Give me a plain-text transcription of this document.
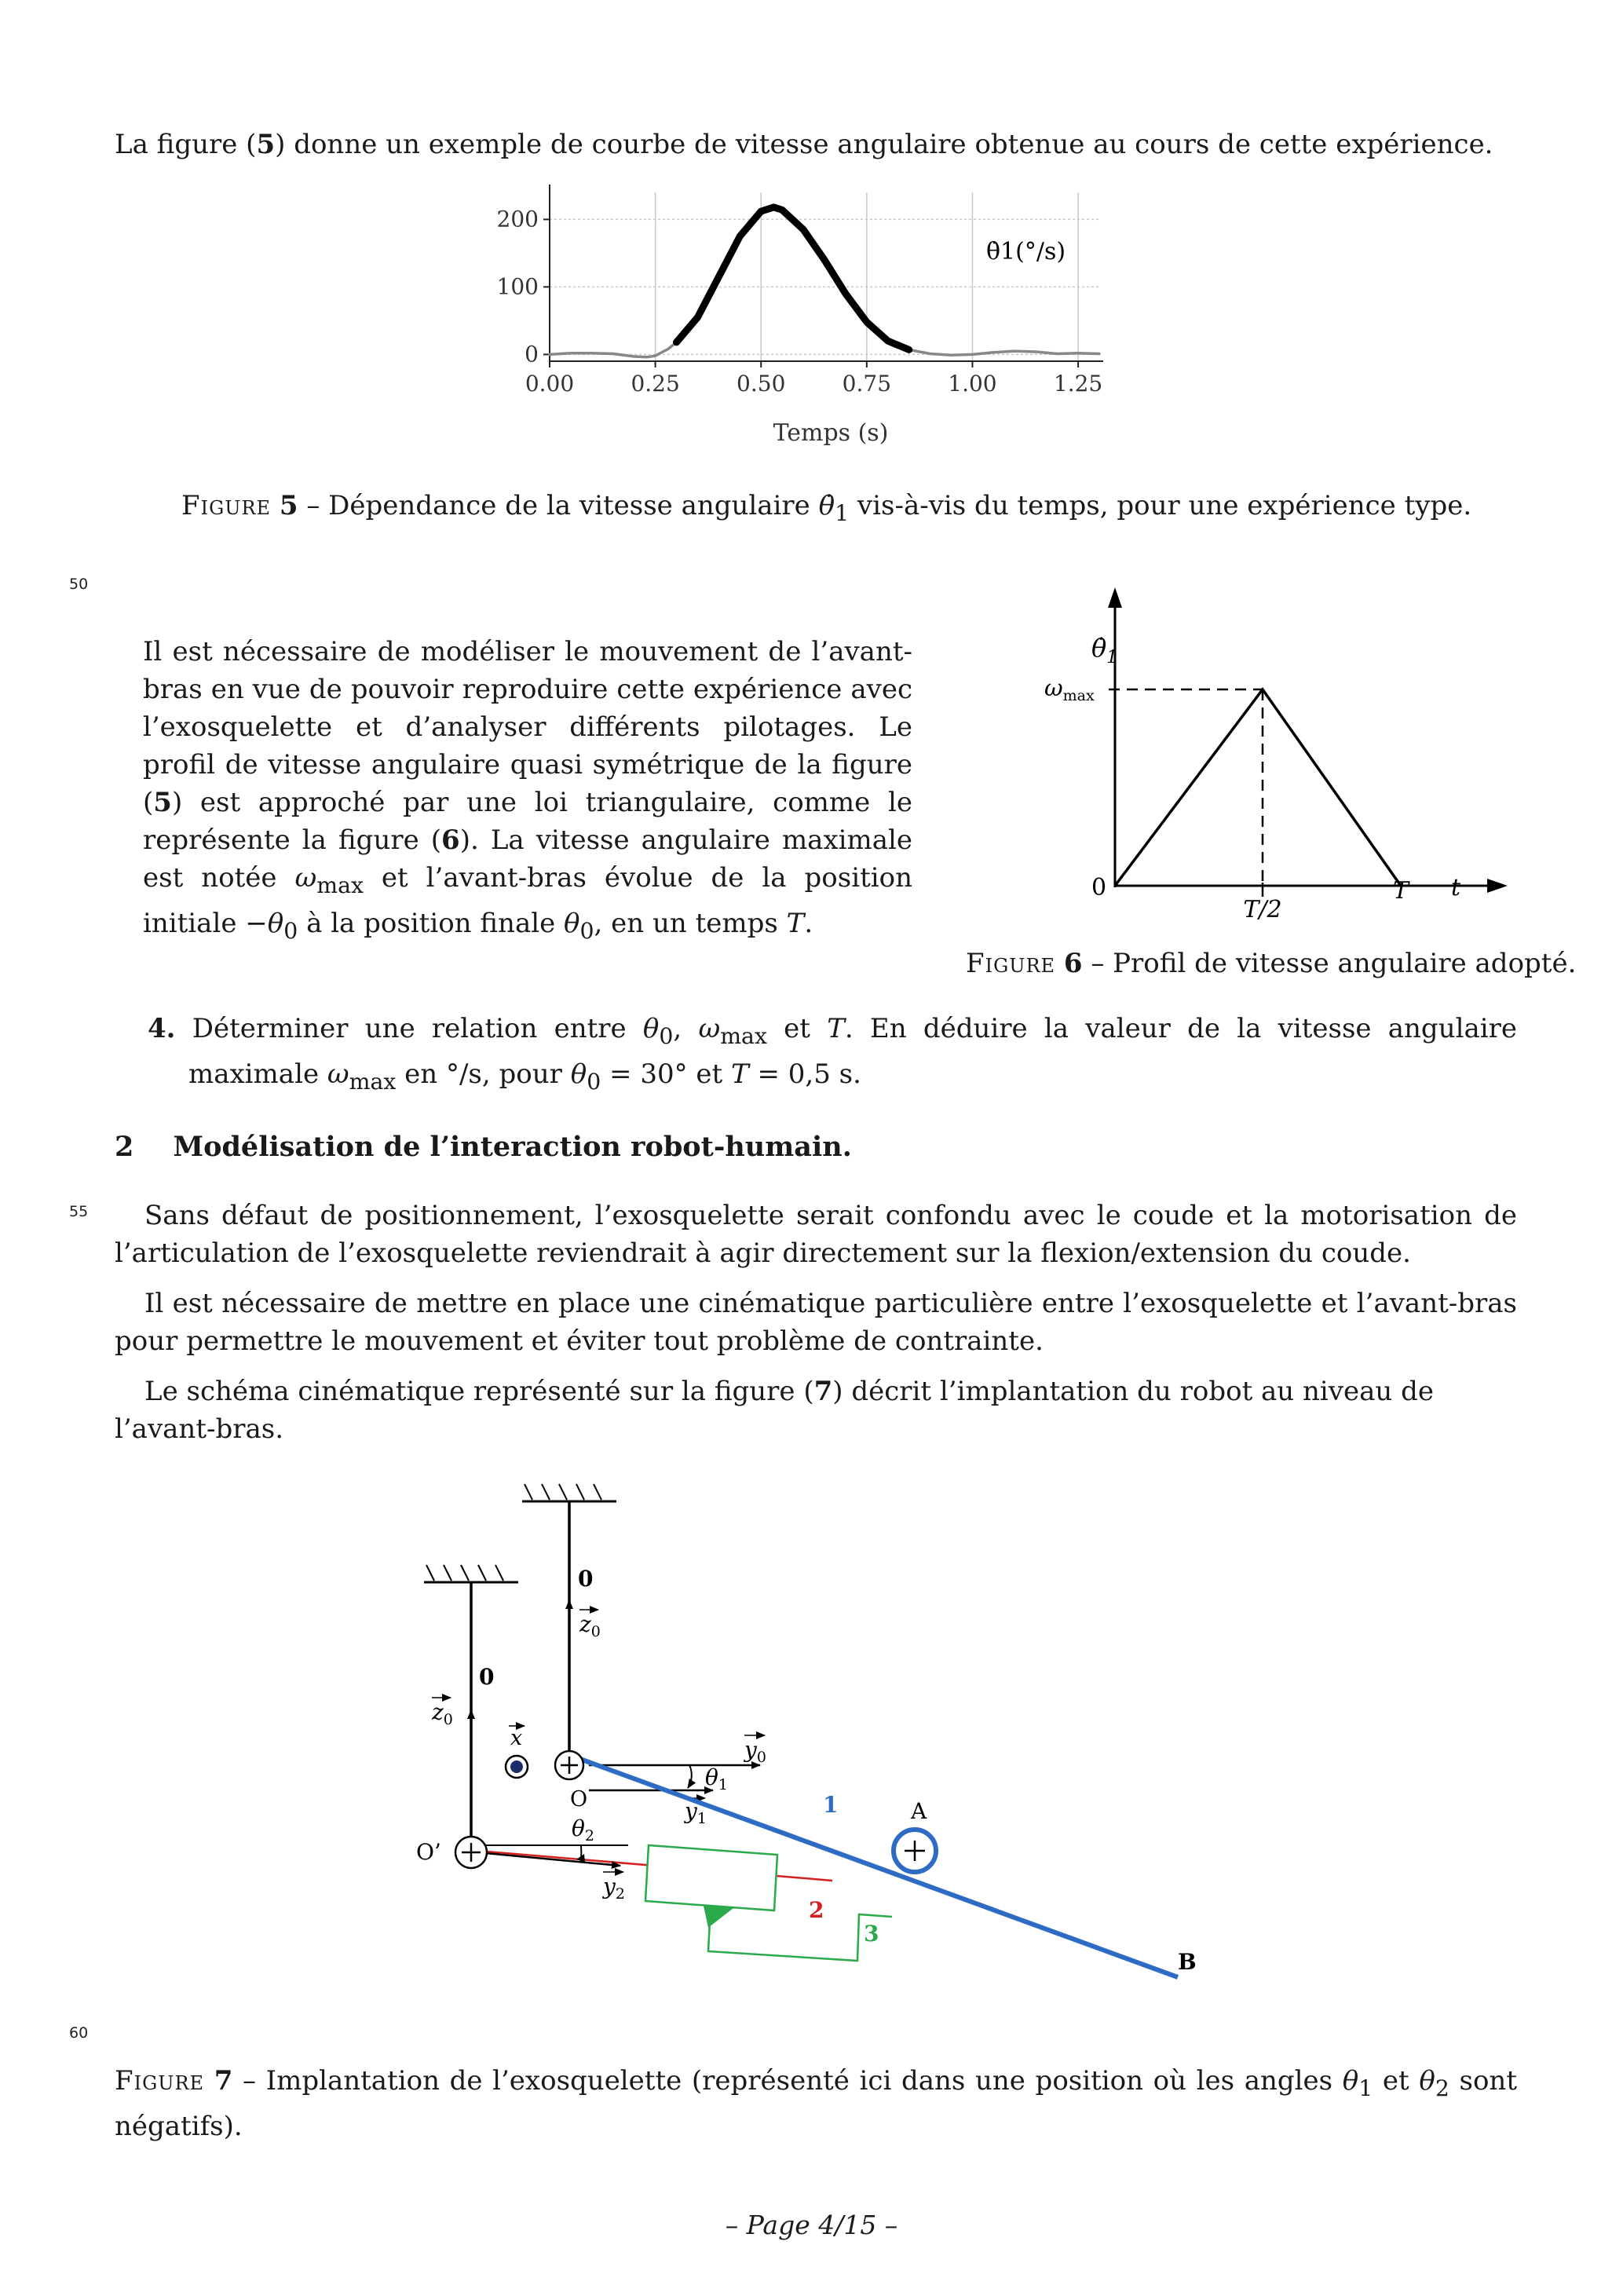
La figure (5) donne un exemple de courbe de vitesse angulaire obtenue au cours de cette expérience.
0.00	0.25	0.50	0.75	1.00	1.25
0
100
200
θ̇1(°/s)
Temps (s)
Figure 5 – Dépendance de la vitesse angulaire $\thetȧ_1$ vis-à-vis du temps, pour une expérience type.
50
55
60
Il est nécessaire de modéliser le mouvement de l’avant-bras en vue de pouvoir reproduire cette expérience avec l’exosquelette et d’analyser différents pilotages. Le profil de vitesse angulaire quasi symétrique de la figure (5) est approché par une loi triangulaire, comme le représente la figure (6). La vitesse angulaire maximale est notée $\omega_{max}$ et l’avant-bras évolue de la position initiale $-\theta_0$ à la position finale $\theta_0$, en un temps T.
$\thetȧ_1$
$\omega_{max}$
0
T/2
T t
Figure 6 – Profil de vitesse angulaire adopté.
4. Déterminer une relation entre $\theta_0$, $\omega_{max}$ et T. En déduire la valeur de la vitesse angulaire maximale $\omega_{max}$ en °/s, pour $\theta_0 = 30^\circ$ et T = 0,5 s.
2 Modélisation de l’interaction robot-humain.
Sans défaut de positionnement, l’exosquelette serait confondu avec le coude et la motorisation de l’articulation de l’exosquelette reviendrait à agir directement sur la flexion/extension du coude.
Il est nécessaire de mettre en place une cinématique particulière entre l’exosquelette et l’avant-bras pour permettre le mouvement et éviter tout problème de contrainte.
Le schéma cinématique représenté sur la figure (7) décrit l’implantation du robot au niveau de l’avant-bras.
0
0
$z_0$
$z_0$
x	$y_0$
$y_1$
$\theta_1$
1	A
B
O
$\theta_2$
$y_2$
2
O’
3
Figure 7 – Implantation de l’exosquelette (représenté ici dans une position où les angles $\theta_1$ et $\theta_2$ sont négatifs).
– Page 4/15 –
